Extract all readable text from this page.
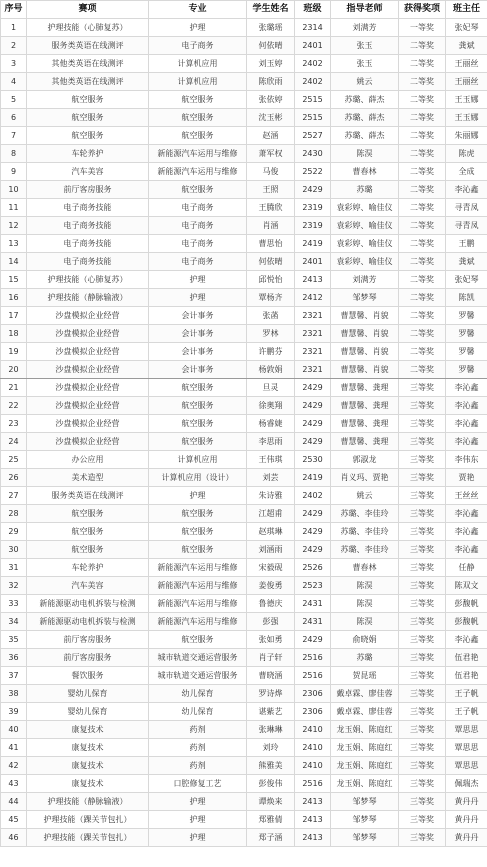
序号	赛项	专业	学生姓名	班级	指导老师	获得奖项	班主任
1	护理技能（心肺复苏）	护理	张璐瑶	2314	刘满芳	一等奖	张妃琴
2	服务类英语在线测评	电子商务	何依晴	2401	张玉	二等奖	龚斌
3	其他类英语在线测评	计算机应用	刘玉婷	2402	张玉	二等奖	王丽丝
4	其他类英语在线测评	计算机应用	陈欣雨	2402	姚云	二等奖	王丽丝
5	航空服务	航空服务	张依婷	2515	苏璐、薛杰	二等奖	王玉娜
6	航空服务	航空服务	沈玉彬	2515	苏璐、薛杰	二等奖	王玉娜
7	航空服务	航空服务	赵涵	2527	苏璐、薛杰	二等奖	朱丽娜
8	车轮养护	新能源汽车运用与维修	萧军权	2430	陈淏	二等奖	陈虎
9	汽车美容	新能源汽车运用与维修	马俊	2522	曹春林	二等奖	全成
10	前厅客房服务	航空服务	王照	2429	苏璐	二等奖	李沁鑫
11	电子商务技能	电子商务	王腾欣	2319	袁彩婷、喻佳仪	二等奖	寻青凤
12	电子商务技能	电子商务	肖涵	2319	袁彩婷、喻佳仪	二等奖	寻青凤
13	电子商务技能	电子商务	曹思怡	2419	袁彩婷、喻佳仪	二等奖	王鹏
14	电子商务技能	电子商务	何依晴	2401	袁彩婷、喻佳仪	二等奖	龚斌
15	护理技能（心肺复苏）	护理	邱悦怡	2413	刘满芳	二等奖	张妃琴
16	护理技能（静脉输液）	护理	覃杨齐	2412	邹梦琴	二等奖	陈凯
17	沙盘模拟企业经营	会计事务	张菡	2321	曹慧馨、肖貌	二等奖	罗馨
18	沙盘模拟企业经营	会计事务	罗林	2321	曹慧馨、肖貌	二等奖	罗馨
19	沙盘模拟企业经营	会计事务	许鹏芬	2321	曹慧馨、肖貌	二等奖	罗馨
20	沙盘模拟企业经营	会计事务	杨敦娟	2321	曹慧馨、肖貌	二等奖	罗馨
21	沙盘模拟企业经营	航空服务	旦灵	2429	曹慧馨、龚理	三等奖	李沁鑫
22	沙盘模拟企业经营	航空服务	徐奥翔	2429	曹慧馨、龚理	三等奖	李沁鑫
23	沙盘模拟企业经营	航空服务	杨睿婕	2429	曹慧馨、龚理	三等奖	李沁鑫
24	沙盘模拟企业经营	航空服务	李思雨	2429	曹慧馨、龚理	三等奖	李沁鑫
25	办公应用	计算机应用	王伟琪	2530	郭淑龙	三等奖	李伟东
26	美术造型	计算机应用（设计）	刘芸	2419	肖义玛、贾艳	三等奖	贾艳
27	服务类英语在线测评	护理	朱诗雅	2402	姚云	三等奖	王丝丝
28	航空服务	航空服务	江超甫	2429	苏璐、李佳玲	三等奖	李沁鑫
29	航空服务	航空服务	赵琪琳	2429	苏璐、李佳玲	三等奖	李沁鑫
30	航空服务	航空服务	刘涵雨	2429	苏璐、李佳玲	三等奖	李沁鑫
31	车轮养护	新能源汽车运用与维修	宋毅砚	2526	曹春林	三等奖	任静
32	汽车美容	新能源汽车运用与维修	姜俊勇	2523	陈淏	三等奖	陈双文
33	新能源驱动电机拆装与检测	新能源汽车运用与维修	鲁德庆	2431	陈淏	三等奖	彭馥帆
34	新能源驱动电机拆装与检测	新能源汽车运用与维修	彭强	2431	陈淏	三等奖	彭馥帆
35	前厅客房服务	航空服务	张如勇	2429	俞晓娟	三等奖	李沁鑫
36	前厅客房服务	城市轨道交通运营服务	肖子轩	2516	苏璐	三等奖	伍君艳
37	餐饮服务	城市轨道交通运营服务	曹晓涵	2516	贺昆瑶	三等奖	伍君艳
38	婴幼儿保育	幼儿保育	罗诗烨	2306	戴卓霖、廖佳蓉	三等奖	王子帆
39	婴幼儿保育	幼儿保育	谌紫艺	2306	戴卓霖、廖佳蓉	三等奖	王子帆
40	康复技术	药剂	张琳琳	2410	龙玉娟、陈庭红	三等奖	覃思思
41	康复技术	药剂	刘玲	2410	龙玉娟、陈庭红	三等奖	覃思思
42	康复技术	药剂	熊雅美	2410	龙玉娟、陈庭红	三等奖	覃思思
43	康复技术	口腔修复工艺	彭俊伟	2516	龙玉娟、陈庭红	三等奖	佩瑞杰
44	护理技能（静脉输液）	护理	谭焕来	2413	邹梦琴	三等奖	黄丹丹
45	护理技能（踝关节包扎）	护理	郑雅倩	2413	邹梦琴	三等奖	黄丹丹
46	护理技能（踝关节包扎）	护理	郑子涵	2413	邹梦琴	三等奖	黄丹丹
